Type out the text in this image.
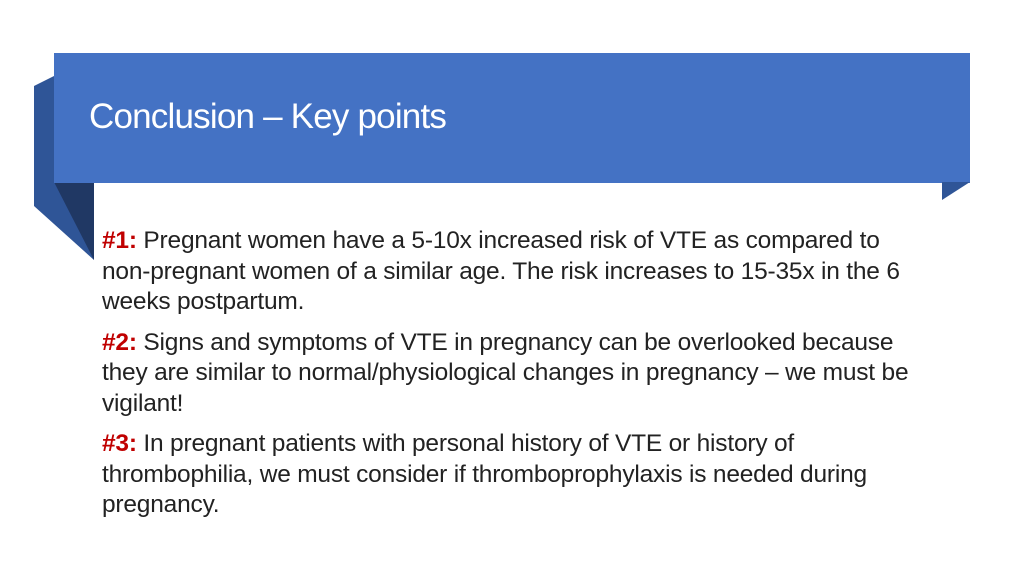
Conclusion – Key points

#1: Pregnant women have a 5-10x increased risk of VTE as compared to non-pregnant women of a similar age. The risk increases to 15-35x in the 6 weeks postpartum.

#2: Signs and symptoms of VTE in pregnancy can be overlooked because they are similar to normal/physiological changes in pregnancy – we must be vigilant!

#3: In pregnant patients with personal history of VTE or history of thrombophilia, we must consider if thromboprophylaxis is needed during pregnancy.
